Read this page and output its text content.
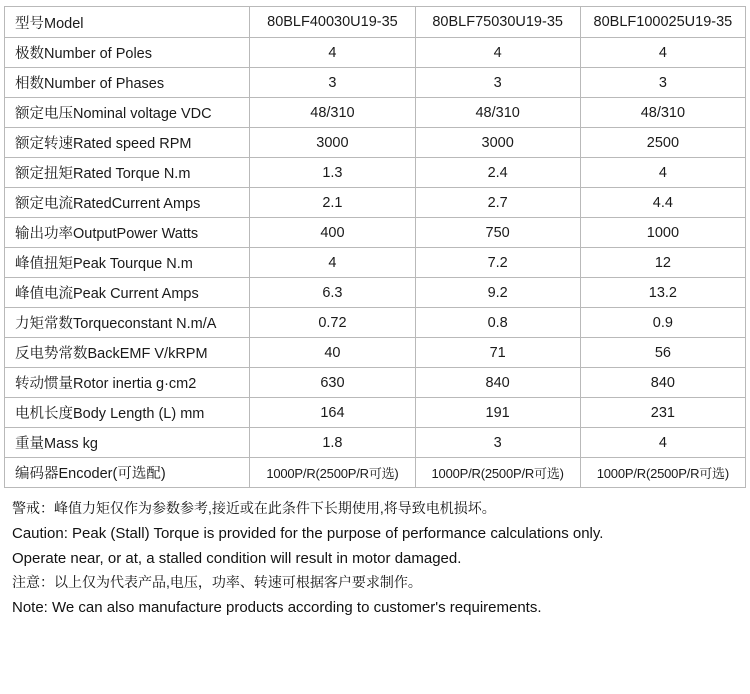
型号Model	80BLF40030U19-35	80BLF75030U19-35	80BLF100025U19-35
极数Number of Poles	4	4	4
相数Number of Phases	3	3	3
额定电压Nominal voltage VDC	48/310	48/310	48/310
额定转速Rated speed RPM	3000	3000	2500
额定扭矩Rated Torque N.m	1.3	2.4	4
额定电流RatedCurrent Amps	2.1	2.7	4.4
输出功率OutputPower Watts	400	750	1000
峰值扭矩Peak Tourque N.m	4	7.2	12
峰值电流Peak Current Amps	6.3	9.2	13.2
力矩常数Torqueconstant N.m/A	0.72	0.8	0.9
反电势常数BackEMF V/kRPM	40	71	56
转动惯量Rotor inertia g·cm2	630	840	840
电机长度Body Length (L) mm	164	191	231
重量Mass kg	1.8	3	4
编码器Encoder(可选配)	1000P/R(2500P/R可选)	1000P/R(2500P/R可选)	1000P/R(2500P/R可选)

警戒：峰值力矩仅作为参数参考,接近或在此条件下长期使用,将导致电机损坏。

Caution: Peak (Stall) Torque is provided for the purpose of performance calculations only.

Operate near, or at, a stalled condition will result in motor damaged.

注意：以上仅为代表产品,电压，功率、转速可根据客户要求制作。

Note: We can also manufacture products according to customer's requirements.
